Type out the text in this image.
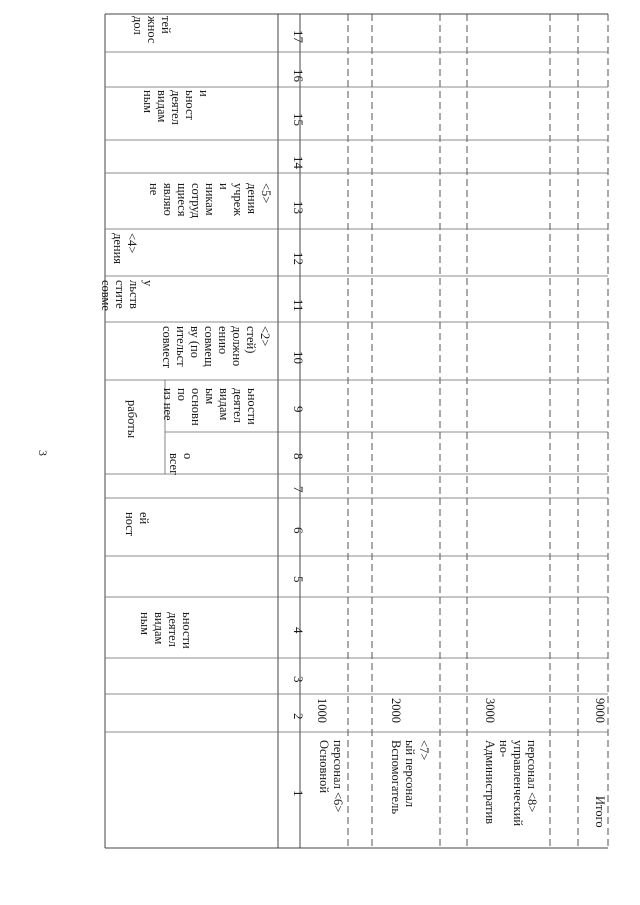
3
ным видам деятел ьности
ност ей
работы
всег о
из нее по основн ым видам деятел ьности
совмест ительст ву (по совмещ ению должно стей) <2>
совме стите льств у
дения <4>
не являю щиеся сотруд никам и учреж дения <5>
ным видам деятел ьност и
дол жнос тей
1
2
3
4
5
6
7
8
9
10
11
12
13
14
15
16
17
Основной персонал <6>
1000
Вспомогатель ый персонал <7>
2000
Административ но- управленческий персонал <8>
3000
Итого
9000
